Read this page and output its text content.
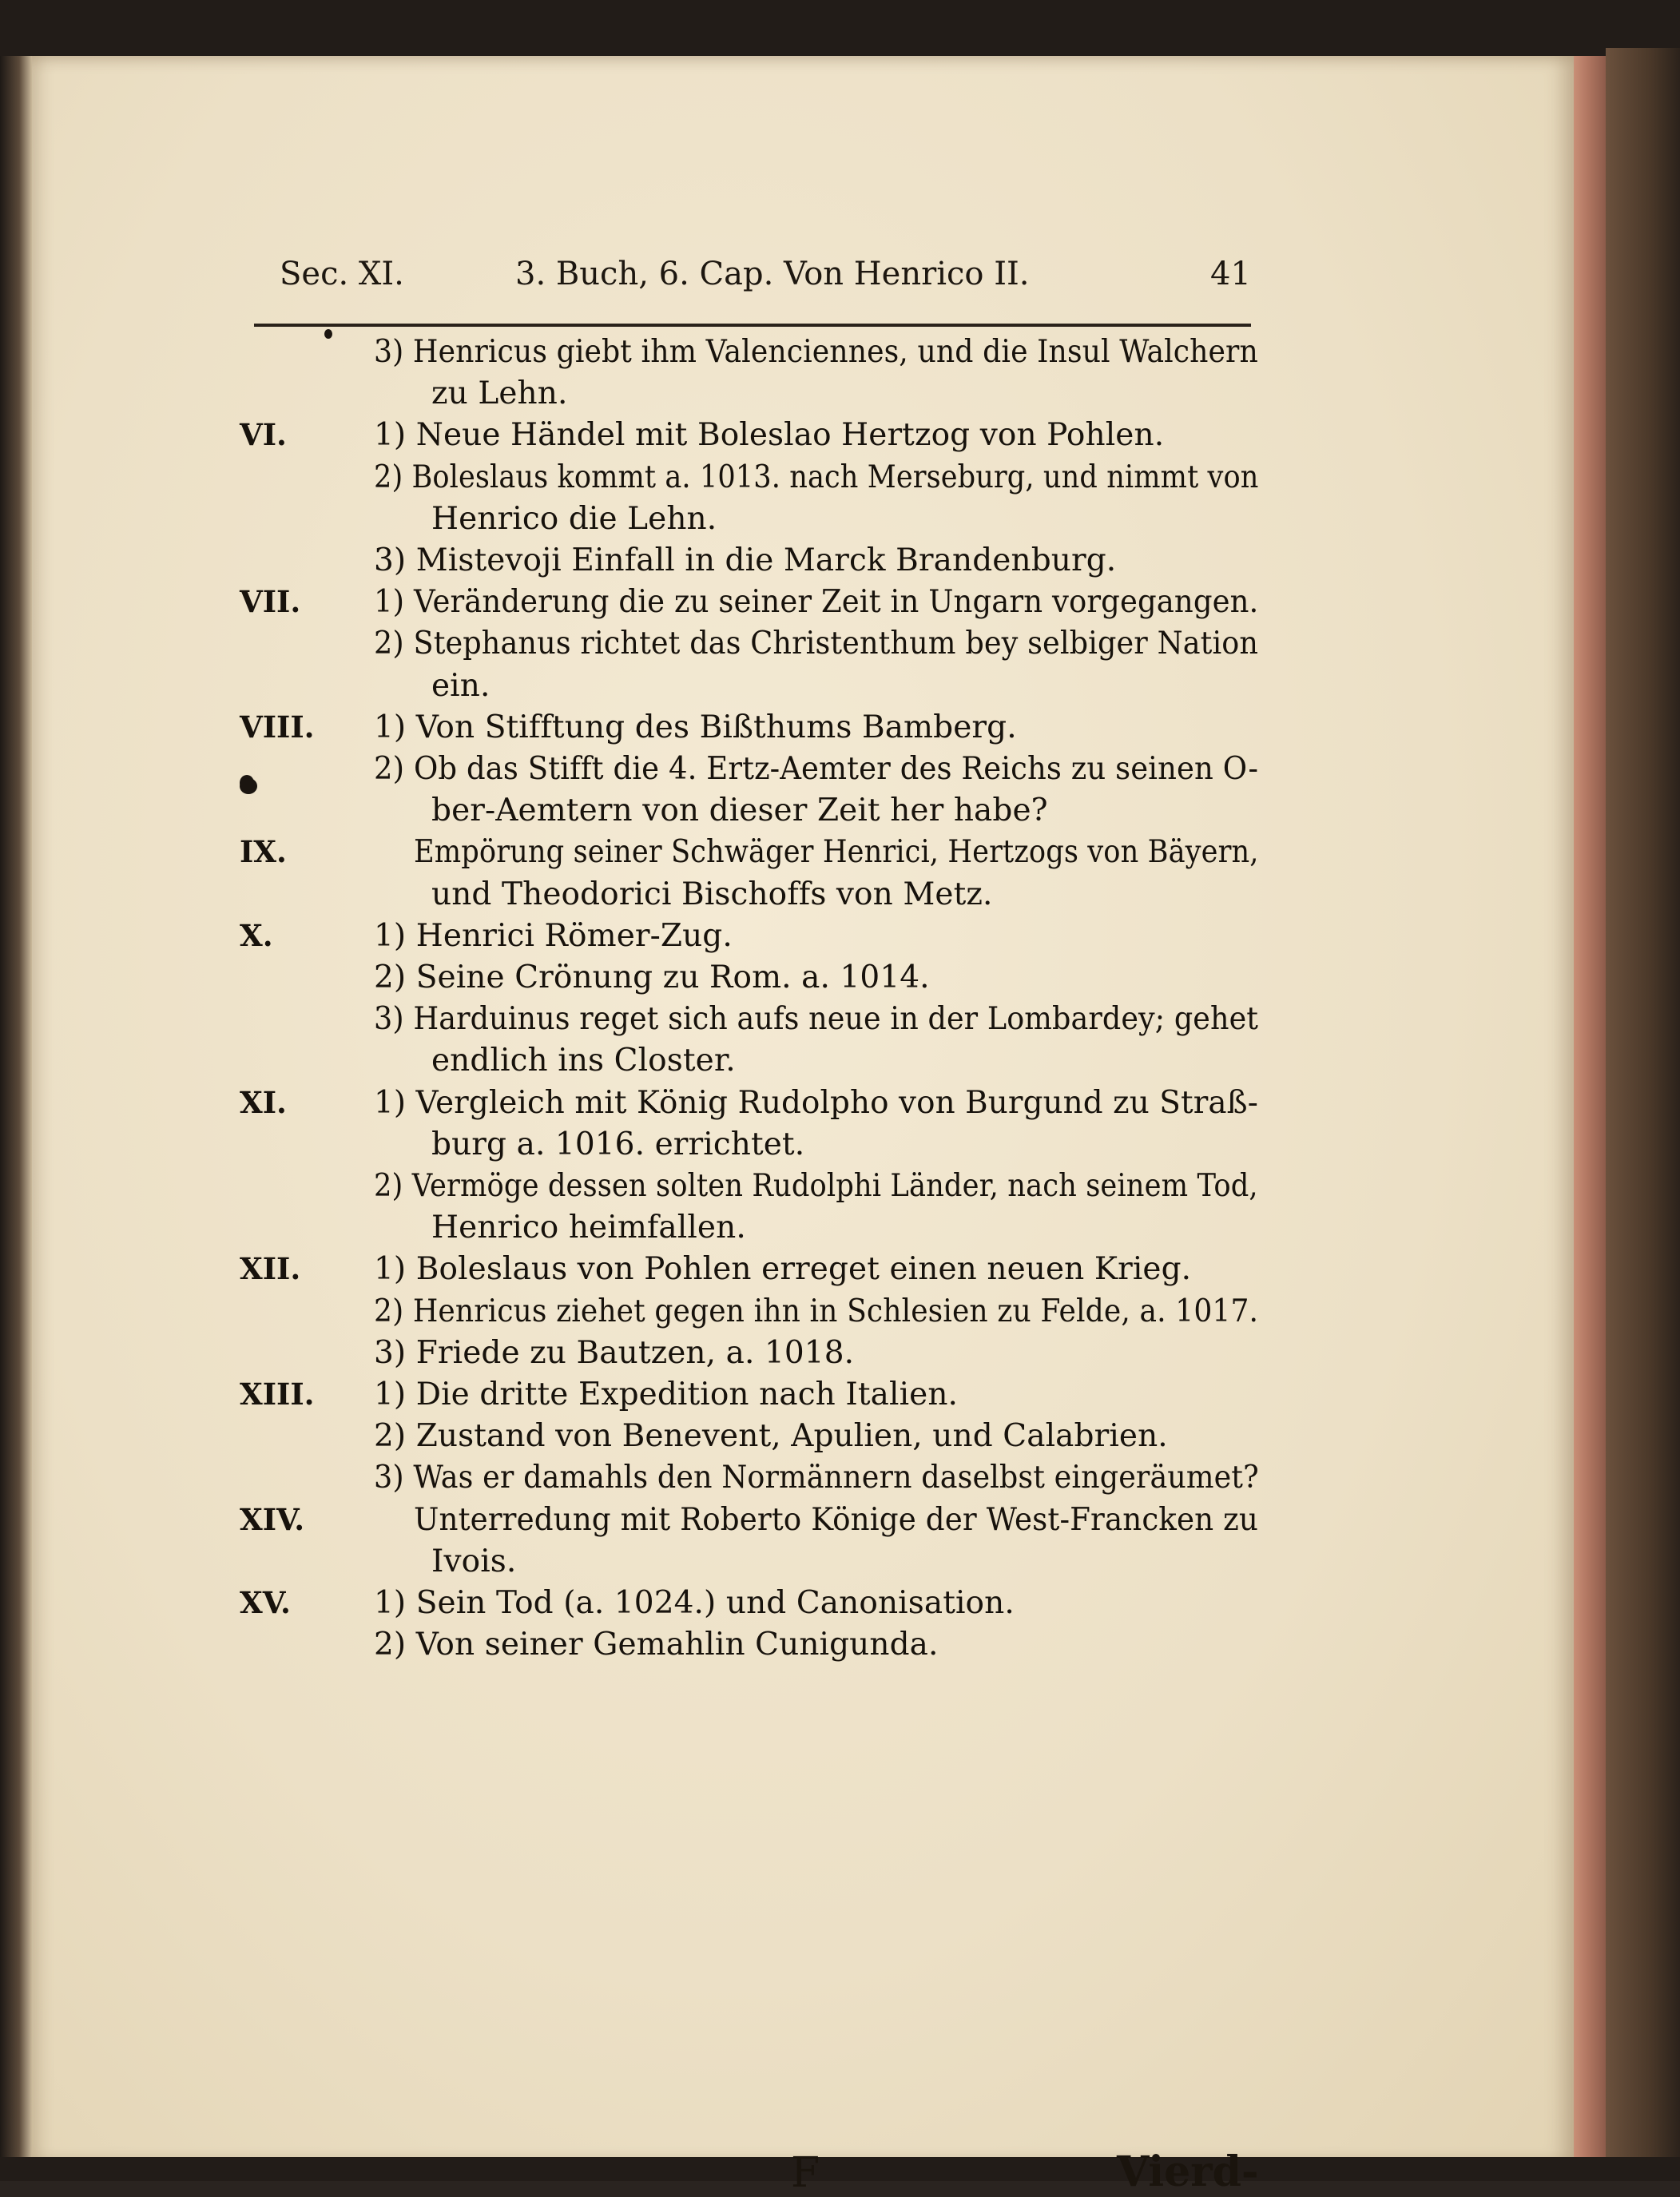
Sec. XI.	3. Buch, 6. Cap. Von Henrico II.	41
3) Henricus giebt ihm Valenciennes, und die Insul Walchern
zu Lehn.
VI.	1) Neue Händel mit Boleslao Hertzog von Pohlen.
2) Boleslaus kommt a. 1013. nach Merseburg, und nimmt von
Henrico die Lehn.
3) Mistevoji Einfall in die Marck Brandenburg.
VII. 1) Veränderung die zu seiner Zeit in Ungarn vorgegangen.
2) Stephanus richtet das Christenthum bey selbiger Nation
ein.
VIII. 1) Von Stifftung des Bißthums Bamberg.
2) Ob das Stifft die 4. Ertz-Aemter des Reichs zu seinen O-
ber-Aemtern von dieser Zeit her habe?
IX.	Empörung seiner Schwäger Henrici, Hertzogs von Bäyern,
und Theodorici Bischoffs von Metz.
X.	1) Henrici Römer-Zug.
2) Seine Crönung zu Rom. a. 1014.
3) Harduinus reget sich aufs neue in der Lombardey; gehet
endlich ins Closter.
XI.	1) Vergleich mit König Rudolpho von Burgund zu Straß-
burg a. 1016. errichtet.
2) Vermöge dessen solten Rudolphi Länder, nach seinem Tod,
Henrico heimfallen.
XII. 1) Boleslaus von Pohlen erreget einen neuen Krieg.
2) Henricus ziehet gegen ihn in Schlesien zu Felde, a. 1017.
3) Friede zu Bautzen, a. 1018.
XIII. 1) Die dritte Expedition nach Italien.
2) Zustand von Benevent, Apulien, und Calabrien.
3) Was er damahls den Normännern daselbst eingeräumet?
XIV.	Unterredung mit Roberto Könige der West-Francken zu
Ivois.
XV.	1) Sein Tod (a. 1024.) und Canonisation.
2) Von seiner Gemahlin Cunigunda.
F	Vierd-
